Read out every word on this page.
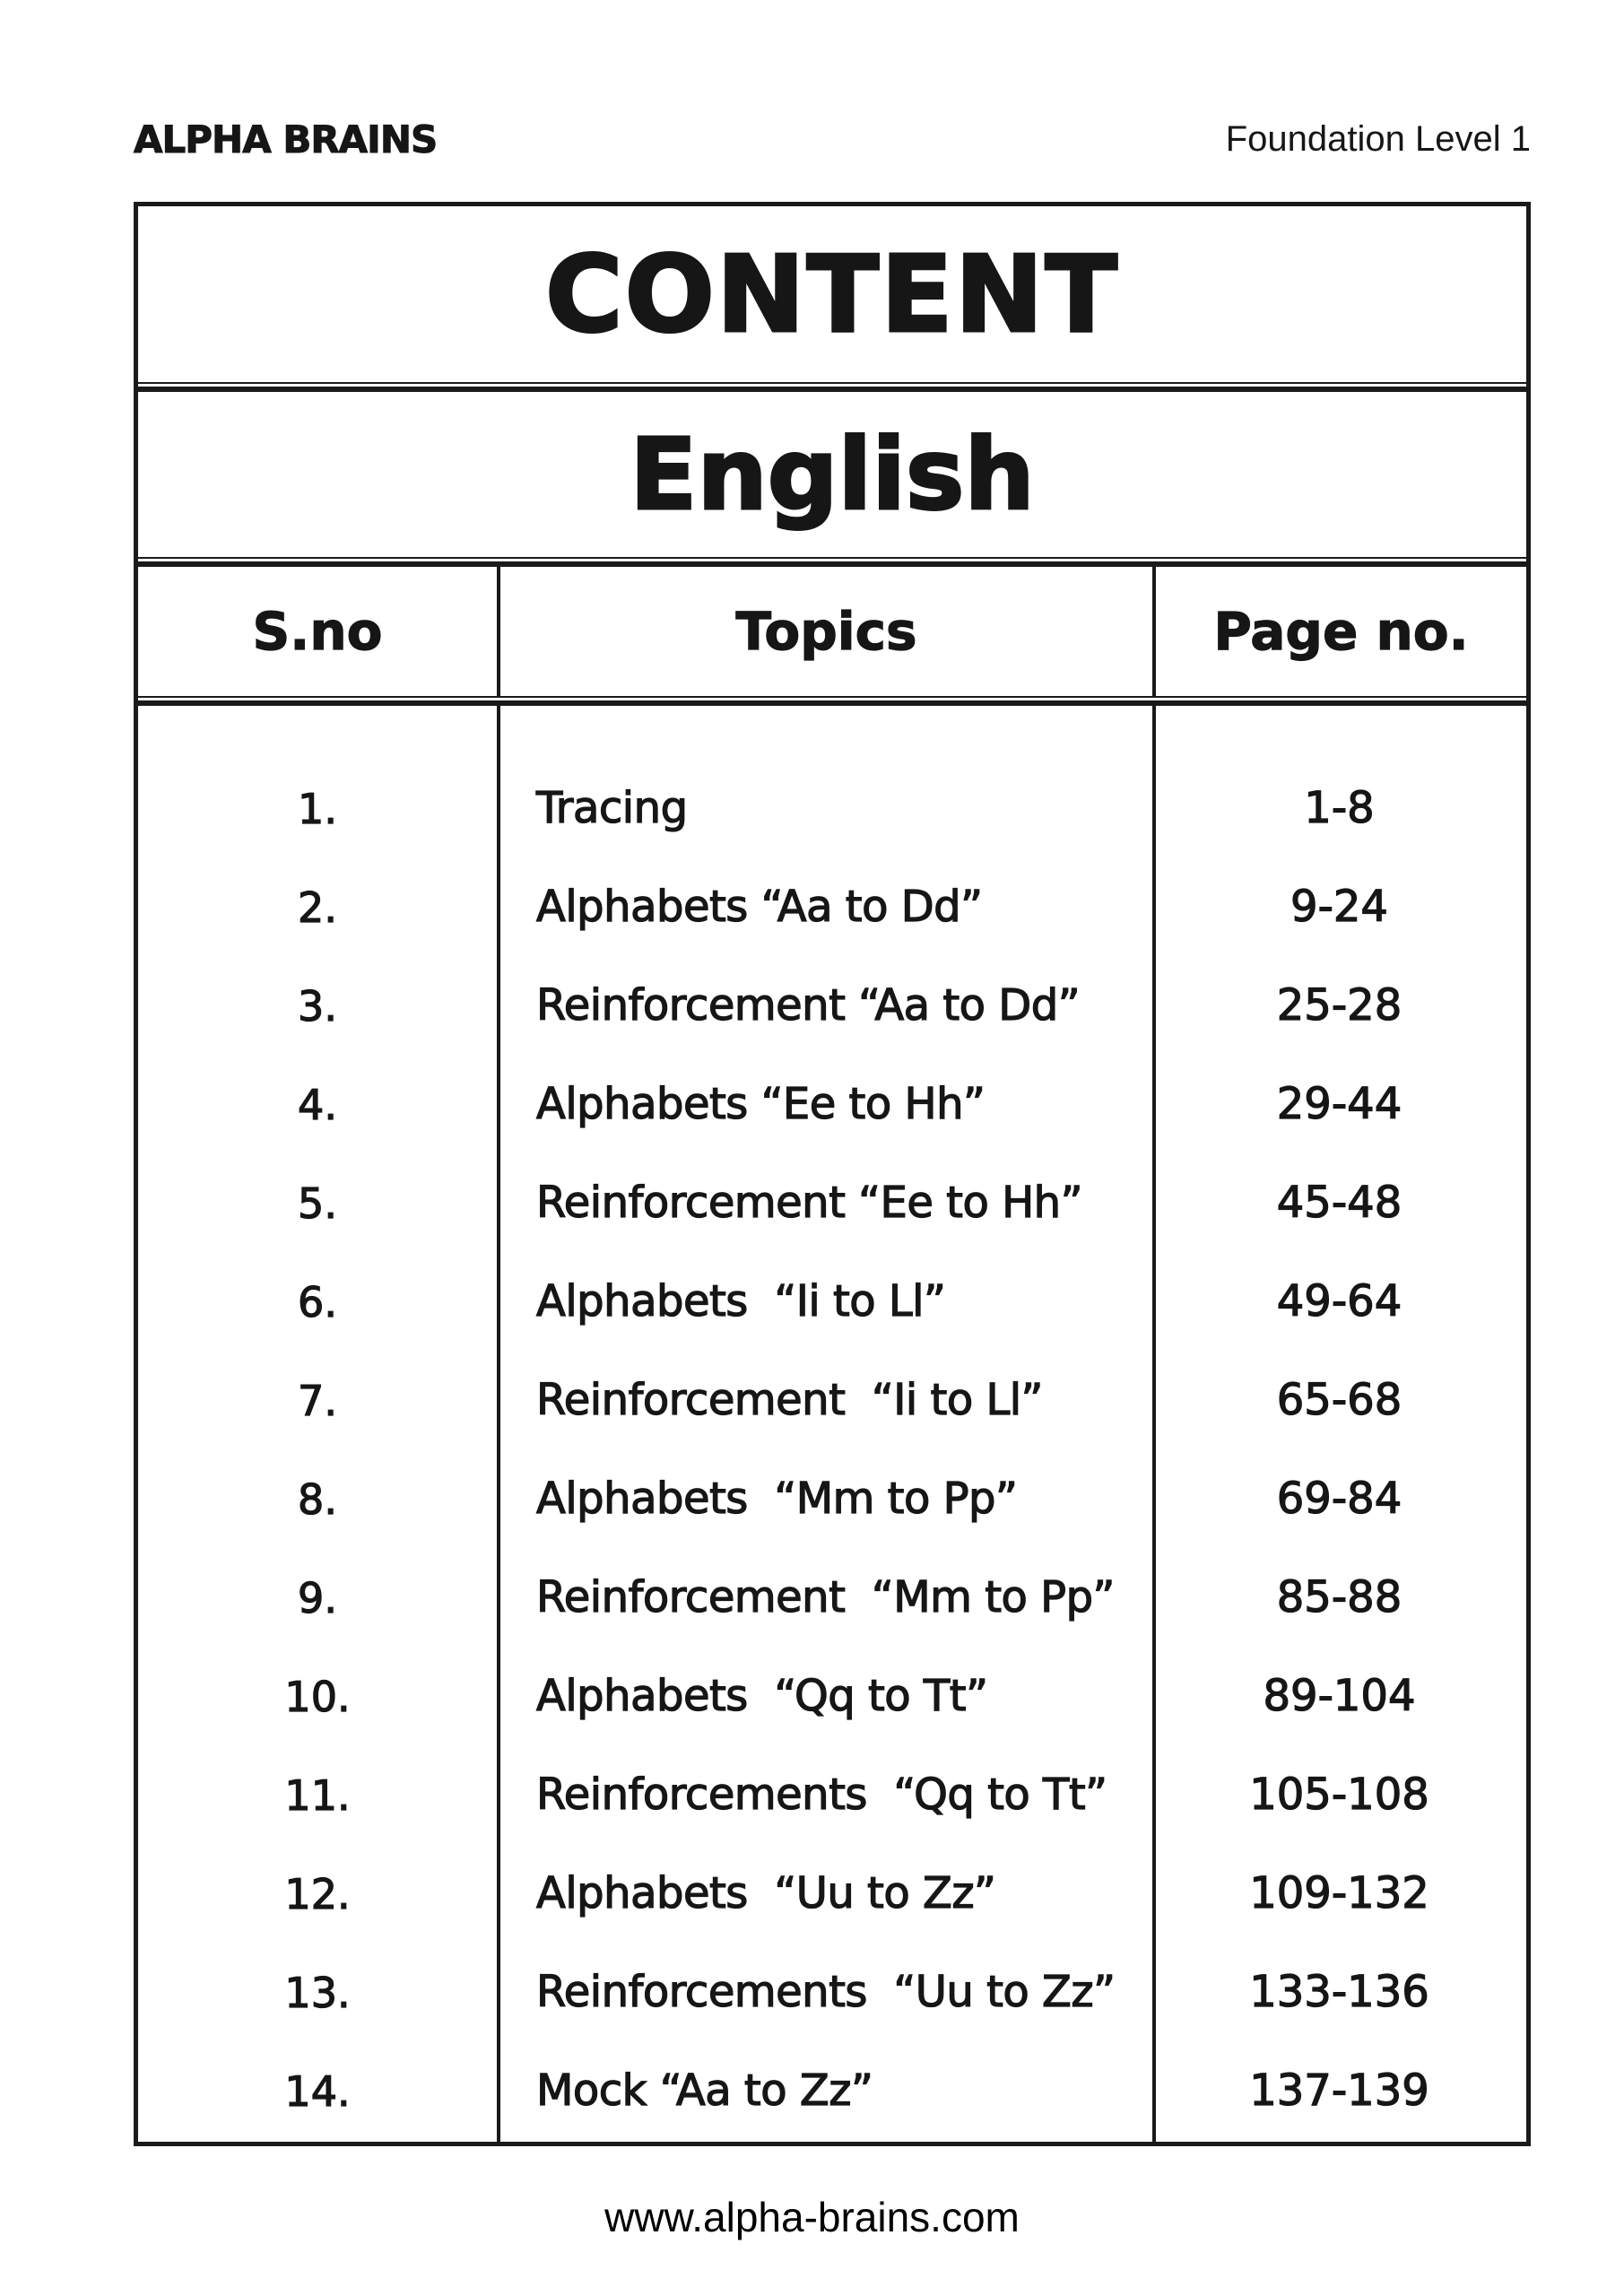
ALPHA BRAINS	Foundation Level 1
CONTENT
English
S.no	Topics	Page no.
1.	Tracing	1-8
2.	Alphabets “Aa to Dd”	9-24
3.	Reinforcement “Aa to Dd”	25-28
4.	Alphabets “Ee to Hh”	29-44
5.	Reinforcement “Ee to Hh”	45-48
6.	Alphabets  “Ii to Ll”	49-64
7.	Reinforcement  “Ii to Ll”	65-68
8.	Alphabets  “Mm to Pp”	69-84
9.	Reinforcement  “Mm to Pp”	85-88
10.	Alphabets  “Qq to Tt”	89-104
11.	Reinforcements  “Qq to Tt”	105-108
12.	Alphabets  “Uu to Zz”	109-132
13.	Reinforcements  “Uu to Zz”	133-136
14.	Mock “Aa to Zz”	137-139
www.alpha-brains.com
